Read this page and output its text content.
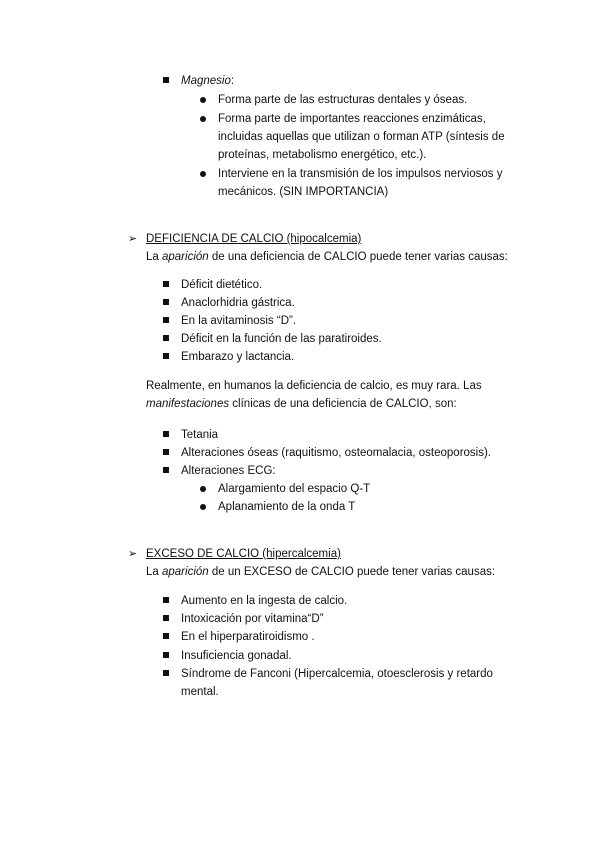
Magnesio:
Forma parte de las estructuras dentales y óseas.
Forma parte de importantes reacciones enzimáticas,
incluidas aquellas que utilizan o forman ATP (síntesis de
proteínas, metabolismo energético, etc.).
Interviene en la transmisión de los impulsos nerviosos y
mecánicos. (SIN IMPORTANCIA)
➢ DEFICIENCIA DE CALCIO (hipocalcemia)
La aparición de una deficiencia de CALCIO puede tener varias causas:
Déficit dietético.
Anaclorhidria gástrica.
En la avitaminosis “D”.
Déficit en la función de las paratiroides.
Embarazo y lactancia.
Realmente, en humanos la deficiencia de calcio, es muy rara. Las
manifestaciones clínicas de una deficiencia de CALCIO, son:
Tetania
Alteraciones óseas (raquitismo, osteomalacia, osteoporosis).
Alteraciones ECG:
Alargamiento del espacio Q-T
Aplanamiento de la onda T
➢ EXCESO DE CALCIO (hipercalcemia)
La aparición de un EXCESO de CALCIO puede tener varias causas:
Aumento en la ingesta de calcio.
Intoxicación por vitamina“D”
En el hiperparatiroidismo .
Insuficiencia gonadal.
Síndrome de Fanconi (Hipercalcemia, otoesclerosis y retardo
mental.
